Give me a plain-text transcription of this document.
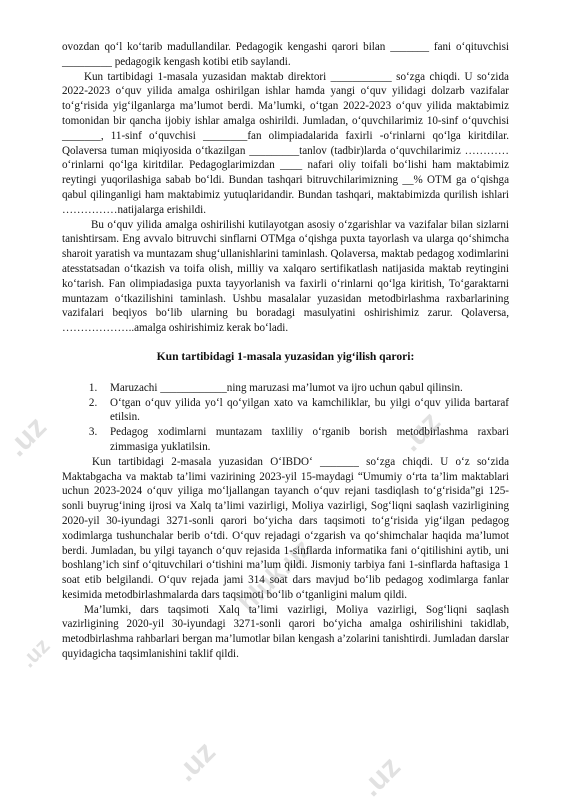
.uz
hluk.uz
.uz
.uz	.uz
.uz

ovozdan qo‘l ko‘tarib madullandilar. Pedagogik kengashi qarori bilan _______ fani o‘qituvchisi _________ pedagogik kengash kotibi etib saylandi.

Kun tartibidagi 1-masala yuzasidan maktab direktori ___________ so‘zga chiqdi. U so‘zida 2022-2023 o‘quv yilida amalga oshirilgan ishlar hamda yangi o‘quv yilidagi dolzarb vazifalar to‘g‘risida yig‘ilganlarga ma’lumot berdi. Ma’lumki, o‘tgan 2022-2023 o‘quv yilida maktabimiz tomonidan bir qancha ijobiy ishlar amalga oshirildi. Jumladan, o‘quvchilarimiz 10-sinf o‘quvchisi _______, 11-sinf o‘quvchisi ________fan olimpiadalarida faxirli -o‘rinlarni qo‘lga kiritdilar. Qolaversa tuman miqiyosida o‘tkazilgan _________tanlov (tadbir)larda o‘quvchilarimiz ………… o‘rinlarni qo‘lga kiritdilar. Pedagoglarimizdan ____ nafari oliy toifali bo‘lishi ham maktabimiz reytingi yuqorilashiga sabab bo‘ldi. Bundan tashqari bitruvchilarimizning __% OTM ga o‘qishga qabul qilinganligi ham maktabimiz yutuqlaridandir. Bundan tashqari, maktabimizda qurilish ishlari ……………natijalarga erishildi.

Bu o‘quv yilida amalga oshirilishi kutilayotgan asosiy o‘zgarishlar va vazifalar bilan sizlarni tanishtirsam. Eng avvalo bitruvchi sinflarni OTMga o‘qishga puxta tayorlash va ularga qo‘shimcha sharoit yaratish va muntazam shug‘ullanishlarini taminlash. Qolaversa, maktab pedagog xodimlarini atesstatsadan o‘tkazish va toifa olish, milliy va xalqaro sertifikatlash natijasida maktab reytingini ko‘tarish. Fan olimpiadasiga puxta tayyorlanish va faxirli o‘rinlarni qo‘lga kiritish, To‘garaktarni muntazam o‘tkazilishini taminlash. Ushbu masalalar yuzasidan metodbirlashma raxbarlarining vazifalari beqiyos bo‘lib ularning bu boradagi masulyatini oshirishimiz zarur. Qolaversa, ………………..amalga oshirishimiz kerak bo‘ladi.

Kun tartibidagi 1-masala yuzasidan yig‘ilish qarori:

1. Maruzachi ____________ning maruzasi ma’lumot va ijro uchun qabul qilinsin.
2. O‘tgan o‘quv yilida yo‘l qo‘yilgan xato va kamchiliklar, bu yilgi o‘quv yilida bartaraf etilsin.
3. Pedagog xodimlarni muntazam taxliliy o‘rganib borish metodbirlashma raxbari zimmasiga yuklatilsin.

Kun tartibidagi 2-masala yuzasidan O‘IBDO‘ _______ so‘zga chiqdi. U o‘z so‘zida Maktabgacha va maktab ta’limi vazirining 2023-yil 15-maydagi “Umumiy o‘rta ta’lim maktablari uchun 2023-2024 o‘quv yiliga mo‘ljallangan tayanch o‘quv rejani tasdiqlash to‘g‘risida”gi 125-sonli buyrug‘ining ijrosi va Xalq ta’limi vazirligi, Moliya vazirligi, Sog‘liqni saqlash vazirligining 2020-yil 30-iyundagi 3271-sonli qarori bo‘yicha dars taqsimoti to‘g‘risida yig‘ilgan pedagog xodimlarga tushunchalar berib o‘tdi. O‘quv rejadagi o‘zgarish va qo‘shimchalar haqida ma’lumot berdi. Jumladan, bu yilgi tayanch o‘quv rejasida 1-sinflarda informatika fani o‘qitilishini aytib, uni boshlang’ich sinf o‘qituvchilari o‘tishini ma’lum qildi. Jismoniy tarbiya fani 1-sinflarda haftasiga 1 soat etib belgilandi. O‘quv rejada jami 314 soat dars mavjud bo‘lib pedagog xodimlarga fanlar kesimida metodbirlashmalarda dars taqsimoti bo‘lib o‘tganligini malum qildi.

Ma’lumki, dars taqsimoti Xalq ta’limi vazirligi, Moliya vazirligi, Sog‘liqni saqlash vazirligining 2020-yil 30-iyundagi 3271-sonli qarori bo‘yicha amalga oshirilishini takidlab, metodbirlashma rahbarlari bergan ma’lumotlar bilan kengash a’zolarini tanishtirdi. Jumladan darslar quyidagicha taqsimlanishini taklif qildi.
